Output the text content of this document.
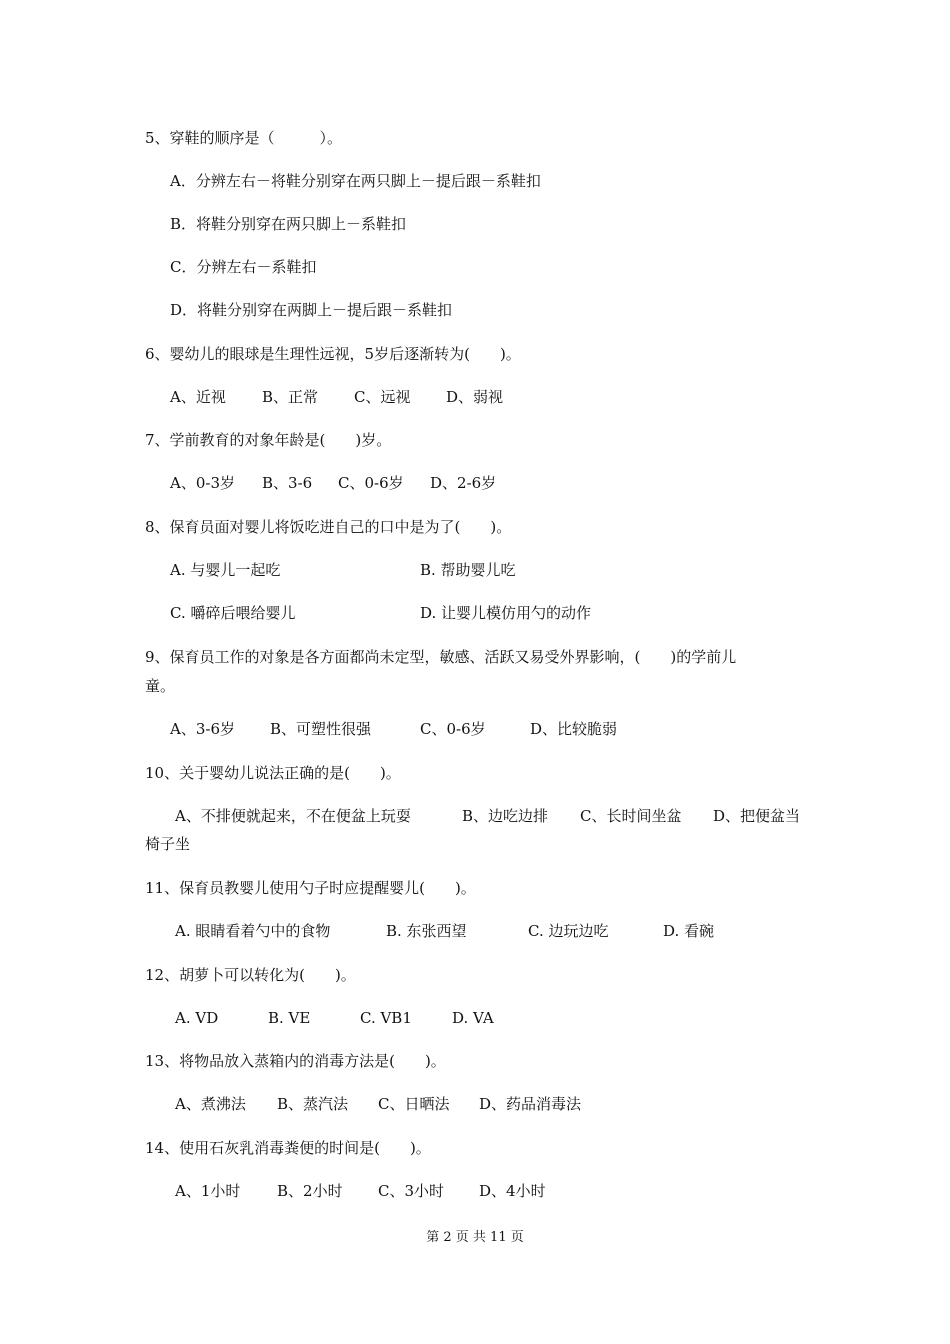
5、穿鞋的顺序是（　　　）。
A．分辨左右－将鞋分别穿在两只脚上－提后跟－系鞋扣
B．将鞋分别穿在两只脚上－系鞋扣
C．分辨左右－系鞋扣
D．将鞋分别穿在两脚上－提后跟－系鞋扣
6、婴幼儿的眼球是生理性远视，5岁后逐渐转为(　　)。
A、近视 B、正常 C、远视 D、弱视
7、学前教育的对象年龄是(　　)岁。
A、0-3岁 B、3-6 C、0-6岁 D、2-6岁
8、保育员面对婴儿将饭吃进自己的口中是为了(　　)。
A. 与婴儿一起吃	B. 帮助婴儿吃
C. 嚼碎后喂给婴儿	D. 让婴儿模仿用勺的动作
9、保育员工作的对象是各方面都尚未定型，敏感、活跃又易受外界影响，(　　)的学前儿
童。
A、3-6岁 B、可塑性很强	C、0-6岁	D、比较脆弱
10、关于婴幼儿说法正确的是(　　)。
A、不排便就起来，不在便盆上玩耍	B、边吃边排 C、长时间坐盆 D、把便盆当
椅子坐
11、保育员教婴儿使用勺子时应提醒婴儿(　　)。
A. 眼睛看着勺中的食物	B. 东张西望	C. 边玩边吃	D. 看碗
12、胡萝卜可以转化为(　　)。
A. VD	B. VE	C. VB1	D. VA
13、将物品放入蒸箱内的消毒方法是(　　)。
A、煮沸法 B、蒸汽法 C、日晒法 D、药品消毒法
14、使用石灰乳消毒粪便的时间是(　　)。
A、1小时 B、2小时 C、3小时 D、4小时
第 2 页 共 11 页
